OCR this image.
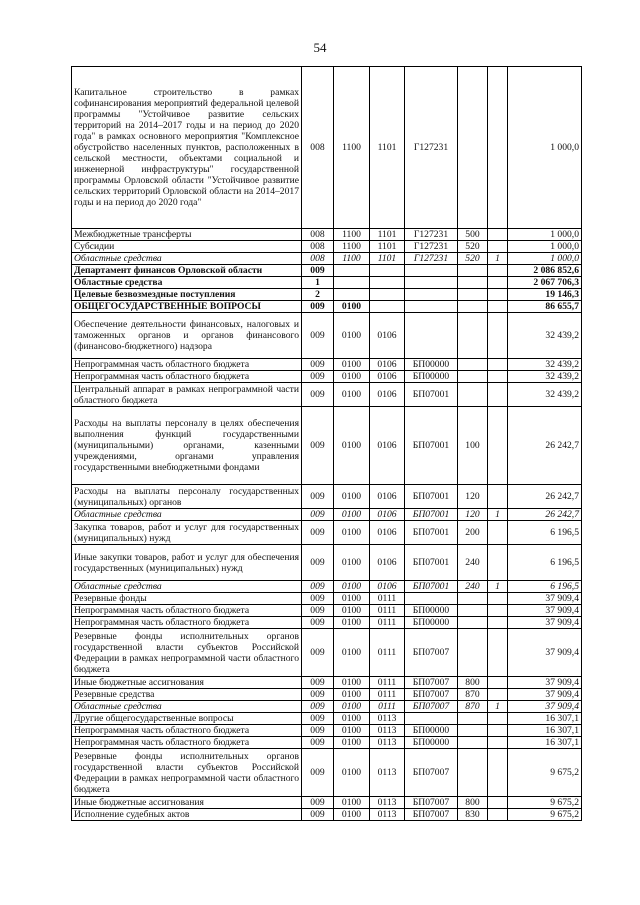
54
Капитальное строительство в рамках софинансирования мероприятий федеральной целевой программы "Устойчивое развитие сельских территорий на 2014–2017 годы и на период до 2020 года" в рамках основного мероприятия "Комплексное обустройство населенных пунктов, расположенных в сельской местности, объектами социальной и инженерной инфраструктуры" государственной программы Орловской области "Устойчивое развитие сельских территорий Орловской области на 2014–2017 годы и на период до 2020 года"	008	1100	1101	Г127231			1 000,0
Межбюджетные трансферты	008	1100	1101	Г127231	500		1 000,0
Субсидии	008	1100	1101	Г127231	520		1 000,0
Областные средства	008	1100	1101	Г127231	520	1	1 000,0
Департамент финансов Орловской области	009						2 086 852,6
Областные средства	1						2 067 706,3
Целевые безвозмездные поступления	2						19 146,3
ОБЩЕГОСУДАРСТВЕННЫЕ ВОПРОСЫ	009	0100					86 655,7
Обеспечение деятельности финансовых, налоговых и таможенных органов и органов финансового (финансово-бюджетного) надзора	009	0100	0106				32 439,2
Непрограммная часть областного бюджета	009	0100	0106	БП00000			32 439,2
Непрограммная часть областного бюджета	009	0100	0106	БП00000			32 439,2
Центральный аппарат в рамках непрограммной части областного бюджета	009	0100	0106	БП07001			32 439,2
Расходы на выплаты персоналу в целях обеспечения выполнения функций государственными (муниципальными) органами, казенными учреждениями, органами управления государственными внебюджетными фондами	009	0100	0106	БП07001	100		26 242,7
Расходы на выплаты персоналу государственных (муниципальных) органов	009	0100	0106	БП07001	120		26 242,7
Областные средства	009	0100	0106	БП07001	120	1	26 242,7
Закупка товаров, работ и услуг для государственных (муниципальных) нужд	009	0100	0106	БП07001	200		6 196,5
Иные закупки товаров, работ и услуг для обеспечения государственных (муниципальных) нужд	009	0100	0106	БП07001	240		6 196,5
Областные средства	009	0100	0106	БП07001	240	1	6 196,5
Резервные фонды	009	0100	0111				37 909,4
Непрограммная часть областного бюджета	009	0100	0111	БП00000			37 909,4
Непрограммная часть областного бюджета	009	0100	0111	БП00000			37 909,4
Резервные фонды исполнительных органов государственной власти субъектов Российской Федерации в рамках непрограммной части областного бюджета	009	0100	0111	БП07007			37 909,4
Иные бюджетные ассигнования	009	0100	0111	БП07007	800		37 909,4
Резервные средства	009	0100	0111	БП07007	870		37 909,4
Областные средства	009	0100	0111	БП07007	870	1	37 909,4
Другие общегосударственные вопросы	009	0100	0113				16 307,1
Непрограммная часть областного бюджета	009	0100	0113	БП00000			16 307,1
Непрограммная часть областного бюджета	009	0100	0113	БП00000			16 307,1
Резервные фонды исполнительных органов государственной власти субъектов Российской Федерации в рамках непрограммной части областного бюджета	009	0100	0113	БП07007			9 675,2
Иные бюджетные ассигнования	009	0100	0113	БП07007	800		9 675,2
Исполнение судебных актов	009	0100	0113	БП07007	830		9 675,2
